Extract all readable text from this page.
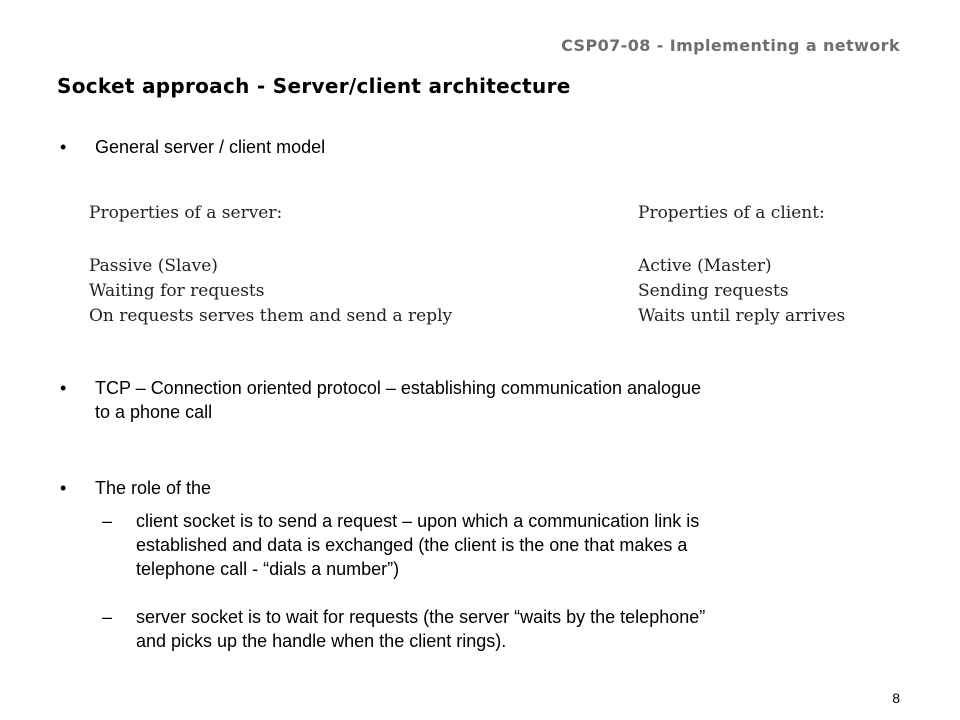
CSP07-08 - Implementing a network
Socket approach - Server/client architecture
• General server / client model
Properties of a server:
Passive (Slave)
Waiting for requests
On requests serves them and send a reply
Properties of a client:
Active (Master)
Sending requests
Waits until reply arrives
• TCP – Connection oriented protocol – establishing communication analogue
to a phone call
• The role of the
– client socket is to send a request – upon which a communication link is
established and data is exchanged (the client is the one that makes a
telephone call - “dials a number”)
– server socket is to wait for requests (the server “waits by the telephone”
and picks up the handle when the client rings).
8
